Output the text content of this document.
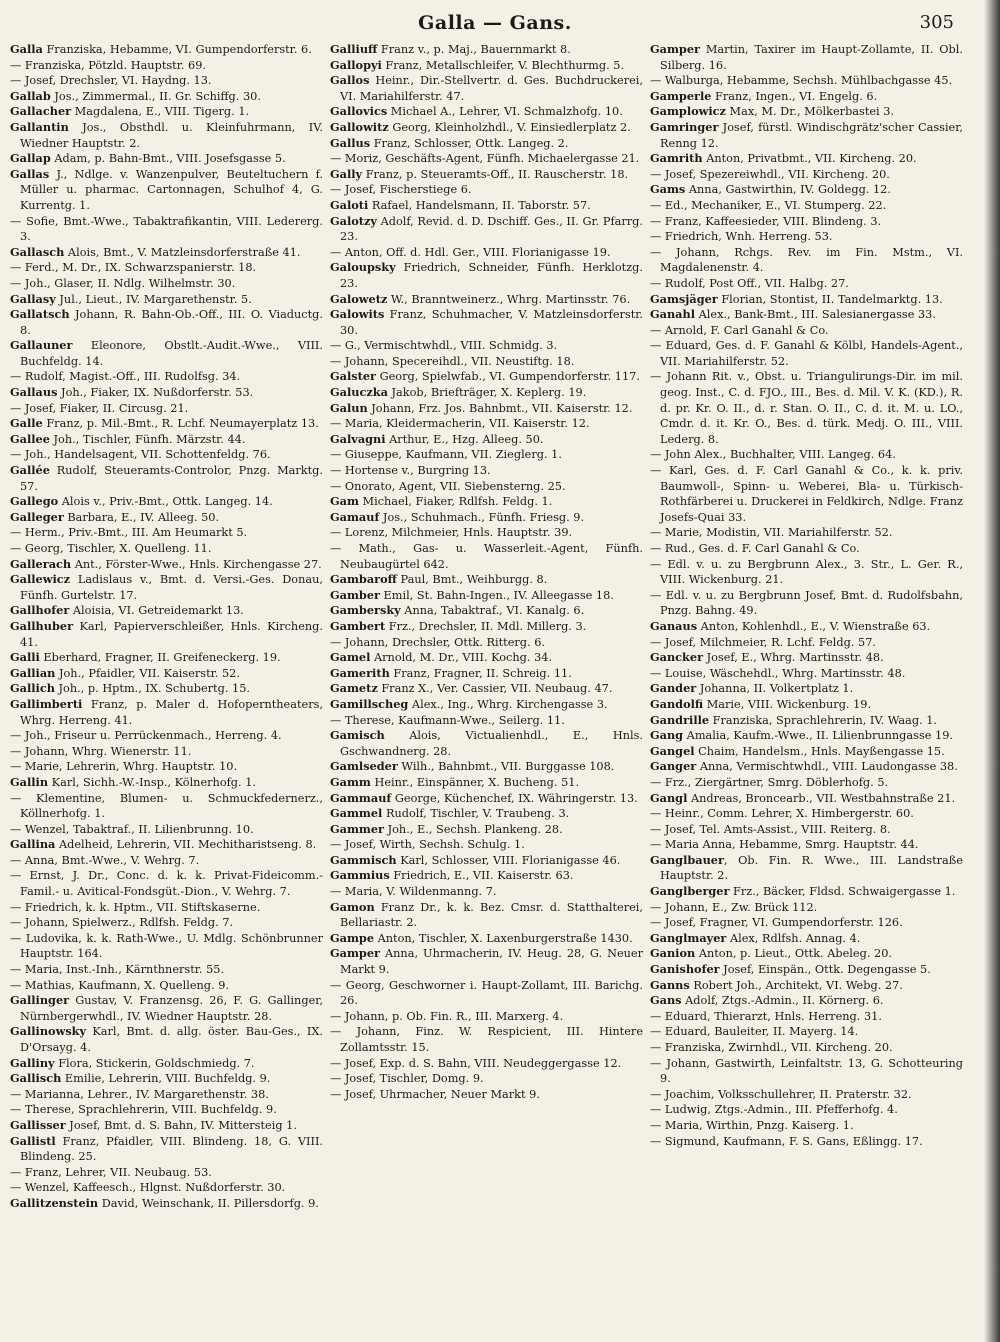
Galla — Gans.	305

Galla Franziska, Hebamme, VI. Gumpendorferstr. 6.

— Franziska, Pötzld. Hauptstr. 69.

— Josef, Drechsler, VI. Haydng. 13.

Gallab Jos., Zimmermal., II. Gr. Schiffg. 30.

Gallacher Magdalena, E., VIII. Tigerg. 1.

Gallantin Jos., Obsthdl. u. Kleinfuhrmann, IV. Wiedner Hauptstr. 2.

Gallap Adam, p. Bahn-Bmt., VIII. Josefsgasse 5.

Gallas J., Ndlge. v. Wanzenpulver, Beuteltuchern f. Müller u. pharmac. Cartonnagen, Schulhof 4, G. Kurrentg. 1.

— Sofie, Bmt.-Wwe., Tabaktrafikantin, VIII. Ledererg. 3.

Gallasch Alois, Bmt., V. Matzleinsdorferstraße 41.

— Ferd., M. Dr., IX. Schwarzspanierstr. 18.

— Joh., Glaser, II. Ndlg. Wilhelmstr. 30.

Gallasy Jul., Lieut., IV. Margarethenstr. 5.

Gallatsch Johann, R. Bahn-Ob.-Off., III. O. Viaductg. 8.

Gallauner Eleonore, Obstlt.-Audit.-Wwe., VIII. Buchfeldg. 14.

— Rudolf, Magist.-Off., III. Rudolfsg. 34.

Gallaus Joh., Fiaker, IX. Nußdorferstr. 53.

— Josef, Fiaker, II. Circusg. 21.

Galle Franz, p. Mil.-Bmt., R. Lchf. Neumayerplatz 13.

Gallee Joh., Tischler, Fünfh. Märzstr. 44.

— Joh., Handelsagent, VII. Schottenfeldg. 76.

Gallée Rudolf, Steueramts-Controlor, Pnzg. Marktg. 57.

Gallego Alois v., Priv.-Bmt., Ottk. Langeg. 14.

Galleger Barbara, E., IV. Alleeg. 50.

— Herm., Priv.-Bmt., III. Am Heumarkt 5.

— Georg, Tischler, X. Quelleng. 11.

Gallerach Ant., Förster-Wwe., Hnls. Kirchengasse 27.

Gallewicz Ladislaus v., Bmt. d. Versi.-Ges. Donau, Fünfh. Gurtelstr. 17.

Gallhofer Aloisia, VI. Getreidemarkt 13.

Gallhuber Karl, Papierverschleißer, Hnls. Kircheng. 41.

Galli Eberhard, Fragner, II. Greifeneckerg. 19.

Gallian Joh., Pfaidler, VII. Kaiserstr. 52.

Gallich Joh., p. Hptm., IX. Schubertg. 15.

Gallimberti Franz, p. Maler d. Hofoperntheaters, Whrg. Herreng. 41.

— Joh., Friseur u. Perrückenmach., Herreng. 4.

— Johann, Whrg. Wienerstr. 11.

— Marie, Lehrerin, Whrg. Hauptstr. 10.

Gallin Karl, Sichh.-W.-Insp., Kölnerhofg. 1.

— Klementine, Blumen- u. Schmuckfedernerz., Köllnerhofg. 1.

— Wenzel, Tabaktraf., II. Lilienbrunng. 10.

Gallina Adelheid, Lehrerin, VII. Mechitharistseng. 8.

— Anna, Bmt.-Wwe., V. Wehrg. 7.

— Ernst, J. Dr., Conc. d. k. k. Privat-Fideicomm.-Famil.- u. Avitical-Fondsgüt.-Dion., V. Wehrg. 7.

— Friedrich, k. k. Hptm., VII. Stiftskaserne.

— Johann, Spielwerz., Rdlfsh. Feldg. 7.

— Ludovika, k. k. Rath-Wwe., U. Mdlg. Schönbrunner Hauptstr. 164.

— Maria, Inst.-Inh., Kärnthnerstr. 55.

— Mathias, Kaufmann, X. Quelleng. 9.

Gallinger Gustav, V. Franzensg. 26, F. G. Gallinger, Nürnbergerwhdl., IV. Wiedner Hauptstr. 28.

Gallinowsky Karl, Bmt. d. allg. öster. Bau-Ges., IX. D'Orsayg. 4.

Galliny Flora, Stickerin, Goldschmiedg. 7.

Gallisch Emilie, Lehrerin, VIII. Buchfeldg. 9.

— Marianna, Lehrer., IV. Margarethenstr. 38.

— Therese, Sprachlehrerin, VIII. Buchfeldg. 9.

Gallisser Josef, Bmt. d. S. Bahn, IV. Mittersteig 1.

Gallistl Franz, Pfaidler, VIII. Blindeng. 18, G. VIII. Blindeng. 25.

— Franz, Lehrer, VII. Neubaug. 53.

— Wenzel, Kaffeesch., Hlgnst. Nußdorferstr. 30.

Gallitzenstein David, Weinschank, II. Pillersdorfg. 9.

Galliuff Franz v., p. Maj., Bauernmarkt 8.

Gallopyi Franz, Metallschleifer, V. Blechthurmg. 5.

Gallos Heinr., Dir.-Stellvertr. d. Ges. Buchdruckerei, VI. Mariahilferstr. 47.

Gallovics Michael A., Lehrer, VI. Schmalzhofg. 10.

Gallowitz Georg, Kleinholzhdl., V. Einsiedlerplatz 2.

Gallus Franz, Schlosser, Ottk. Langeg. 2.

— Moriz, Geschäfts-Agent, Fünfh. Michaelergasse 21.

Gally Franz, p. Steueramts-Off., II. Rauscherstr. 18.

— Josef, Fischerstiege 6.

Galoti Rafael, Handelsmann, II. Taborstr. 57.

Galotzy Adolf, Revid. d. D. Dschiff. Ges., II. Gr. Pfarrg. 23.

— Anton, Off. d. Hdl. Ger., VIII. Florianigasse 19.

Galoupsky Friedrich, Schneider, Fünfh. Herklotzg. 23.

Galowetz W., Branntweinerz., Whrg. Martinsstr. 76.

Galowits Franz, Schuhmacher, V. Matzleinsdorferstr. 30.

— G., Vermischtwhdl., VIII. Schmidg. 3.

— Johann, Specereihdl., VII. Neustiftg. 18.

Galster Georg, Spielwfab., VI. Gumpendorferstr. 117.

Galuczka Jakob, Briefträger, X. Keplerg. 19.

Galun Johann, Frz. Jos. Bahnbmt., VII. Kaiserstr. 12.

— Maria, Kleidermacherin, VII. Kaiserstr. 12.

Galvagni Arthur, E., Hzg. Alleeg. 50.

— Giuseppe, Kaufmann, VII. Zieglerg. 1.

— Hortense v., Burgring 13.

— Onorato, Agent, VII. Siebensterng. 25.

Gam Michael, Fiaker, Rdlfsh. Feldg. 1.

Gamauf Jos., Schuhmach., Fünfh. Friesg. 9.

— Lorenz, Milchmeier, Hnls. Hauptstr. 39.

— Math., Gas- u. Wasserleit.-Agent, Fünfh. Neubaugürtel 642.

Gambaroff Paul, Bmt., Weihburgg. 8.

Gamber Emil, St. Bahn-Ingen., IV. Alleegasse 18.

Gambersky Anna, Tabaktraf., VI. Kanalg. 6.

Gambert Frz., Drechsler, II. Mdl. Millerg. 3.

— Johann, Drechsler, Ottk. Ritterg. 6.

Gamel Arnold, M. Dr., VIII. Kochg. 34.

Gamerith Franz, Fragner, II. Schreig. 11.

Gametz Franz X., Ver. Cassier, VII. Neubaug. 47.

Gamillscheg Alex., Ing., Whrg. Kirchengasse 3.

— Therese, Kaufmann-Wwe., Seilerg. 11.

Gamisch Alois, Victualienhdl., E., Hnls. Gschwandnerg. 28.

Gamlseder Wilh., Bahnbmt., VII. Burggasse 108.

Gamm Heinr., Einspänner, X. Bucheng. 51.

Gammauf George, Küchenchef, IX. Währingerstr. 13.

Gammel Rudolf, Tischler, V. Traubeng. 3.

Gammer Joh., E., Sechsh. Plankeng. 28.

— Josef, Wirth, Sechsh. Schulg. 1.

Gammisch Karl, Schlosser, VIII. Florianigasse 46.

Gammius Friedrich, E., VII. Kaiserstr. 63.

— Maria, V. Wildenmanng. 7.

Gamon Franz Dr., k. k. Bez. Cmsr. d. Statthalterei, Bellariastr. 2.

Gampe Anton, Tischler, X. Laxenburgerstraße 1430.

Gamper Anna, Uhrmacherin, IV. Heug. 28, G. Neuer Markt 9.

— Georg, Geschworner i. Haupt-Zollamt, III. Barichg. 26.

— Johann, p. Ob. Fin. R., III. Marxerg. 4.

— Johann, Finz. W. Respicient, III. Hintere Zollamtsstr. 15.

— Josef, Exp. d. S. Bahn, VIII. Neudeggergasse 12.

— Josef, Tischler, Domg. 9.

— Josef, Uhrmacher, Neuer Markt 9.

Gamper Martin, Taxirer im Haupt-Zollamte, II. Obl. Silberg. 16.

— Walburga, Hebamme, Sechsh. Mühlbachgasse 45.

Gamperle Franz, Ingen., VI. Engelg. 6.

Gamplowicz Max, M. Dr., Mölkerbastei 3.

Gamringer Josef, fürstl. Windischgrätz'scher Cassier, Renng 12.

Gamrith Anton, Privatbmt., VII. Kircheng. 20.

— Josef, Spezereiwhdl., VII. Kircheng. 20.

Gams Anna, Gastwirthin, IV. Goldegg. 12.

— Ed., Mechaniker, E., VI. Stumperg. 22.

— Franz, Kaffeesieder, VIII. Blindeng. 3.

— Friedrich, Wnh. Herreng. 53.

— Johann, Rchgs. Rev. im Fin. Mstm., VI. Magdalenenstr. 4.

— Rudolf, Post Off., VII. Halbg. 27.

Gamsjäger Florian, Stontist, II. Tandelmarktg. 13.

Ganahl Alex., Bank-Bmt., III. Salesianergasse 33.

— Arnold, F. Carl Ganahl & Co.

— Eduard, Ges. d. F. Ganahl & Kölbl, Handels-Agent., VII. Mariahilferstr. 52.

— Johann Rit. v., Obst. u. Triangulirungs-Dir. im mil. geog. Inst., C. d. FJO., III., Bes. d. Mil. V. K. (KD.), R. d. pr. Kr. O. II., d. r. Stan. O. II., C. d. it. M. u. LO., Cmdr. d. it. Kr. O., Bes. d. türk. Medj. O. III., VIII. Lederg. 8.

— John Alex., Buchhalter, VIII. Langeg. 64.

— Karl, Ges. d. F. Carl Ganahl & Co., k. k. priv. Baumwoll-, Spinn- u. Weberei, Bla- u. Türkisch-Rothfärberei u. Druckerei in Feldkirch, Ndlge. Franz Josefs-Quai 33.

— Marie, Modistin, VII. Mariahilferstr. 52.

— Rud., Ges. d. F. Carl Ganahl & Co.

— Edl. v. u. zu Bergbrunn Alex., 3. Str., L. Ger. R., VIII. Wickenburg. 21.

— Edl. v. u. zu Bergbrunn Josef, Bmt. d. Rudolfsbahn, Pnzg. Bahng. 49.

Ganaus Anton, Kohlenhdl., E., V. Wienstraße 63.

— Josef, Milchmeier, R. Lchf. Feldg. 57.

Gancker Josef, E., Whrg. Martinsstr. 48.

— Louise, Wäschehdl., Whrg. Martinsstr. 48.

Gander Johanna, II. Volkertplatz 1.

Gandolfi Marie, VIII. Wickenburg. 19.

Gandrille Franziska, Sprachlehrerin, IV. Waag. 1.

Gang Amalia, Kaufm.-Wwe., II. Lilienbrunngasse 19.

Gangel Chaim, Handelsm., Hnls. Mayßengasse 15.

Ganger Anna, Vermischtwhdl., VIII. Laudongasse 38.

— Frz., Ziergärtner, Smrg. Döblerhofg. 5.

Gangl Andreas, Broncearb., VII. Westbahnstraße 21.

— Heinr., Comm. Lehrer, X. Himbergerstr. 60.

— Josef, Tel. Amts-Assist., VIII. Reiterg. 8.

— Maria Anna, Hebamme, Smrg. Hauptstr. 44.

Ganglbauer, Ob. Fin. R. Wwe., III. Landstraße Hauptstr. 2.

Ganglberger Frz., Bäcker, Fldsd. Schwaigergasse 1.

— Johann, E., Zw. Brück 112.

— Josef, Fragner, VI. Gumpendorferstr. 126.

Ganglmayer Alex, Rdlfsh. Annag. 4.

Ganion Anton, p. Lieut., Ottk. Abeleg. 20.

Ganishofer Josef, Einspän., Ottk. Degengasse 5.

Ganns Robert Joh., Architekt, VI. Webg. 27.

Gans Adolf, Ztgs.-Admin., II. Körnerg. 6.

— Eduard, Thierarzt, Hnls. Herreng. 31.

— Eduard, Bauleiter, II. Mayerg. 14.

— Franziska, Zwirnhdl., VII. Kircheng. 20.

— Johann, Gastwirth, Leinfaltstr. 13, G. Schotteuring 9.

— Joachim, Volksschullehrer, II. Praterstr. 32.

— Ludwig, Ztgs.-Admin., III. Pfefferhofg. 4.

— Maria, Wirthin, Pnzg. Kaiserg. 1.

— Sigmund, Kaufmann, F. S. Gans, Eßlingg. 17.
